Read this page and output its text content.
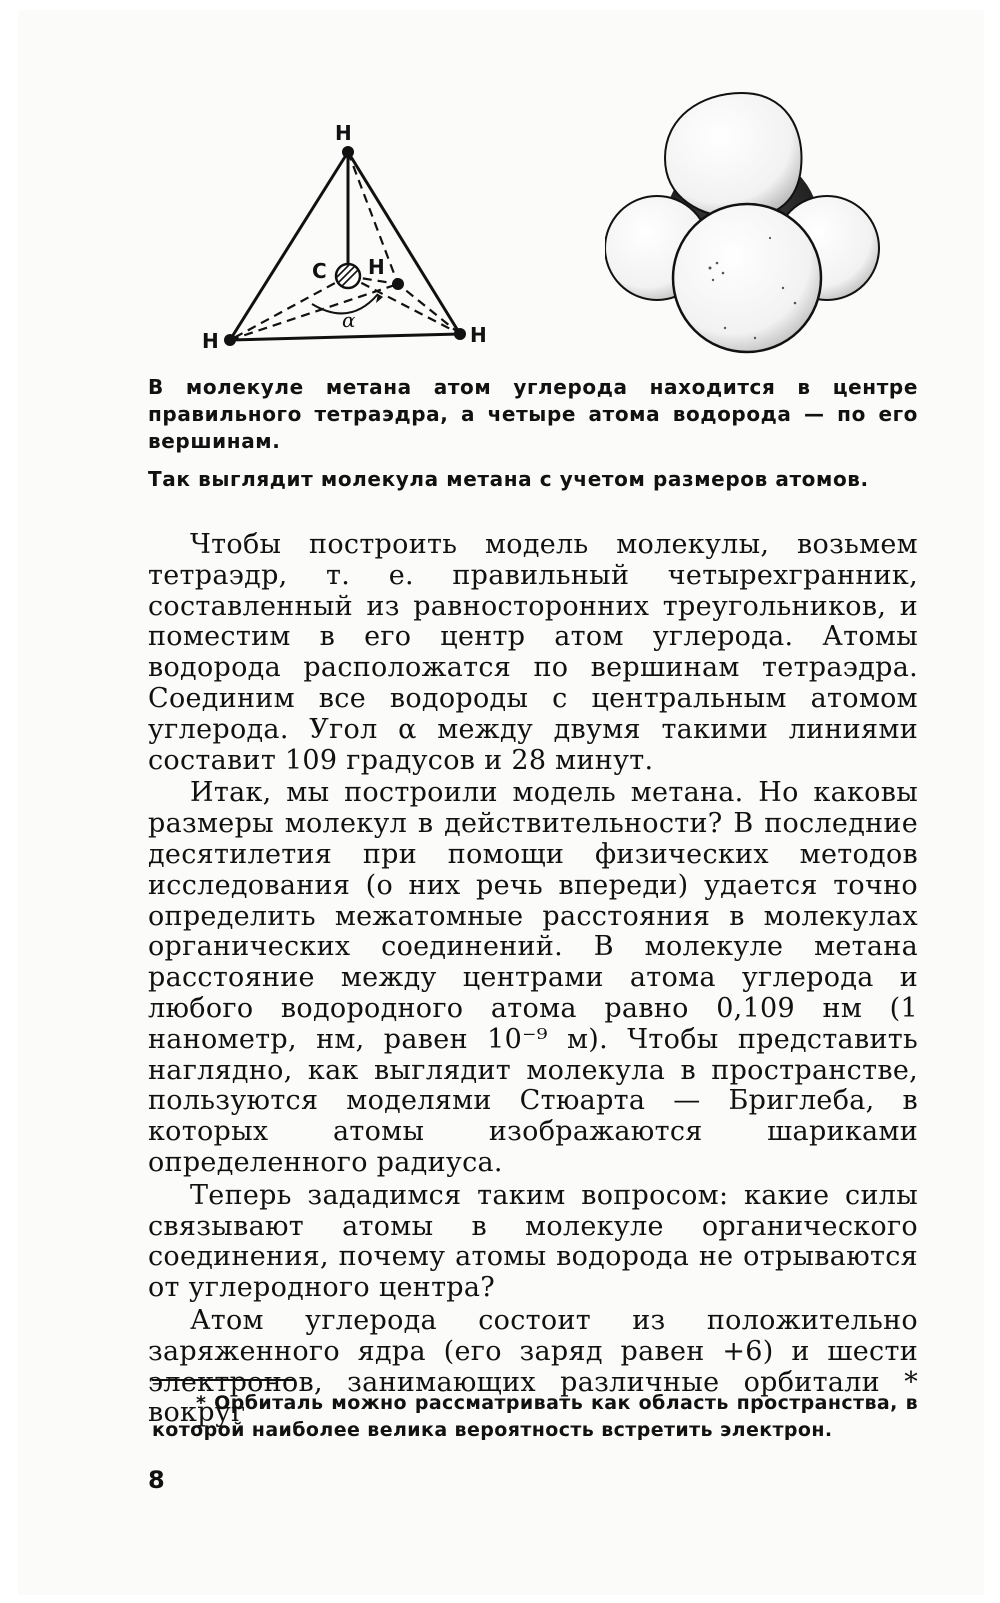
H
C H
H	H
α
В молекуле метана атом углерода находится в центре правильного тетраэдра, а четыре атома водорода — по его вершинам.
Так выглядит молекула метана с учетом размеров атомов.

Чтобы построить модель молекулы, возьмем тетраэдр, т. е. правильный четырехгранник, составленный из равносторонних треугольников, и поместим в его центр атом углерода. Атомы водорода расположатся по вершинам тетраэдра. Соединим все водороды с центральным атомом углерода. Угол α между двумя такими линиями составит 109 градусов и 28 минут.

Итак, мы построили модель метана. Но каковы размеры молекул в действительности? В последние десятилетия при помощи физических методов исследования (о них речь впереди) удается точно определить межатомные расстояния в молекулах органических соединений. В молекуле метана расстояние между центрами атома углерода и любого водородного атома равно 0,109 нм (1 нанометр, нм, равен 10⁻⁹ м). Чтобы представить наглядно, как выглядит молекула в пространстве, пользуются моделями Стюарта — Бриглеба, в которых атомы изображаются шариками определенного радиуса.

Теперь зададимся таким вопросом: какие силы связывают атомы в молекуле органического соединения, почему атомы водорода не отрываются от углеродного центра?

Атом углерода состоит из положительно заряженного ядра (его заряд равен +6) и шести электронов, занимающих различные орбитали * вокруг

* Орбиталь можно рассматривать как область пространства, в которой наиболее велика вероятность встретить электрон.

8
